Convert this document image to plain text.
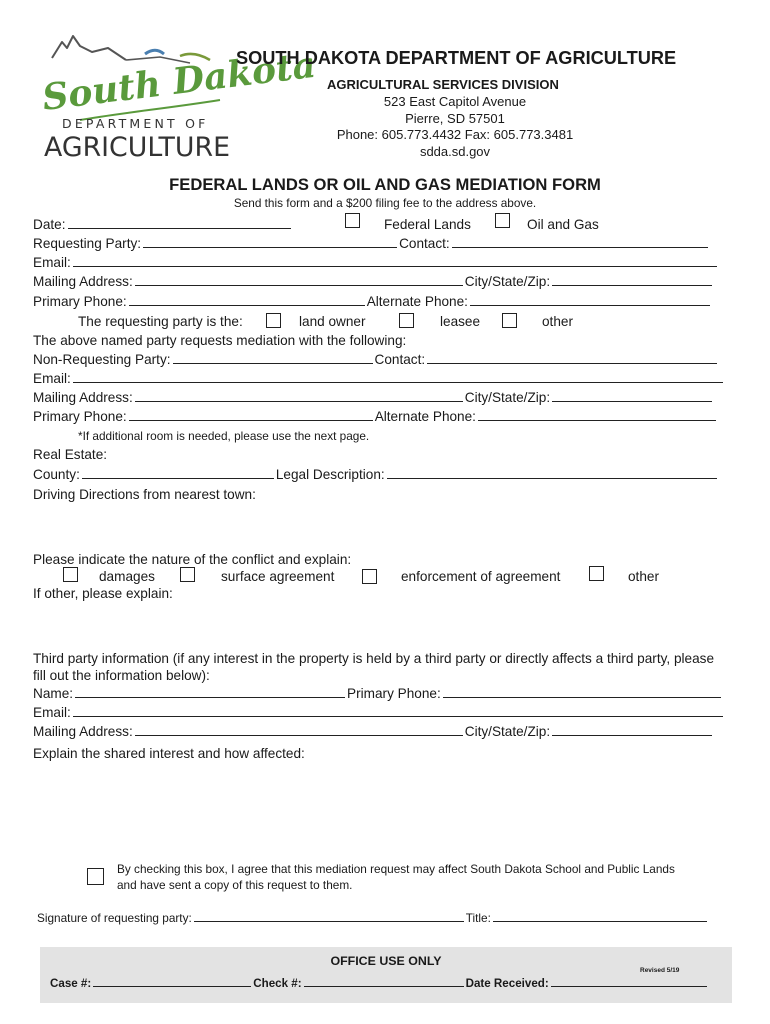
South Dakota
DEPARTMENT OF
AGRICULTURE
SOUTH DAKOTA DEPARTMENT OF AGRICULTURE
AGRICULTURAL SERVICES DIVISION
523 East Capitol Avenue
Pierre, SD 57501
Phone: 605.773.4432 Fax: 605.773.3481
sdda.sd.gov
FEDERAL LANDS OR OIL AND GAS MEDIATION FORM
Send this form and a $200 filing fee to the address above.
Date:	Federal Lands	Oil and Gas
Requesting Party:	Contact:
Email:
Mailing Address:	City/State/Zip:
Primary Phone:	Alternate Phone:
The requesting party is the:	land owner	leasee	other
The above named party requests mediation with the following:
Non-Requesting Party:	Contact:
Email:
Mailing Address:	City/State/Zip:
Primary Phone:	Alternate Phone:
*If additional room is needed, please use the next page.
Real Estate:
County:	Legal Description:
Driving Directions from nearest town:
Please indicate the nature of the conflict and explain:
damages	surface agreement	enforcement of agreement	other
If other, please explain:
Third party information (if any interest in the property is held by a third party or directly affects a third party, please
fill out the information below):
Name:	Primary Phone:
Email:
Mailing Address:	City/State/Zip:
Explain the shared interest and how affected:
By checking this box, I agree that this mediation request may affect South Dakota School and Public Lands
and have sent a copy of this request to them.
Signature of requesting party:	Title:
OFFICE USE ONLY
Revised 5/19
Case #:	Check #:	Date Received:
